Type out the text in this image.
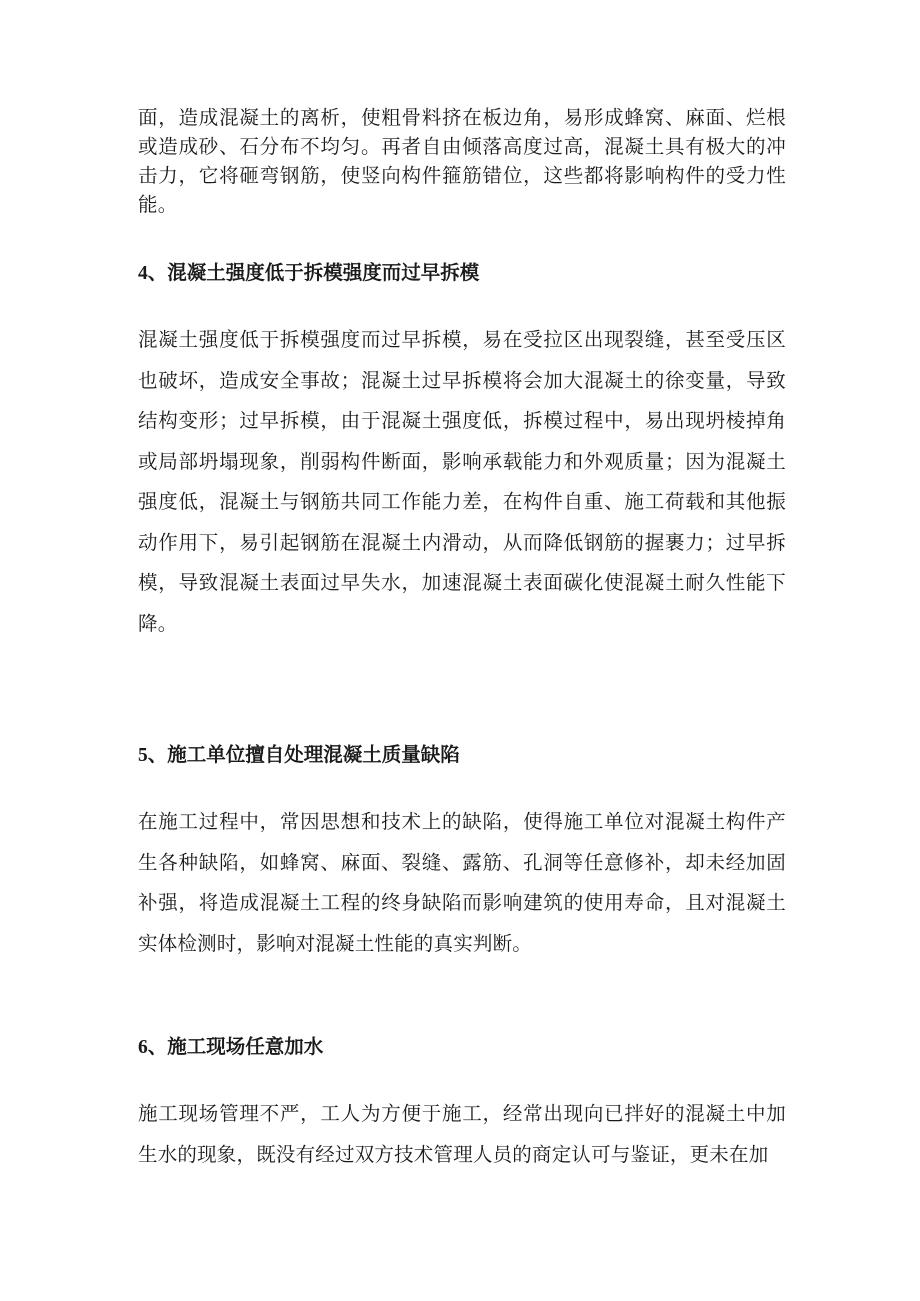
面，造成混凝土的离析，使粗骨料挤在板边角，易形成蜂窝、麻面、烂根或造成砂、石分布不均匀。再者自由倾落高度过高，混凝土具有极大的冲击力，它将砸弯钢筋，使竖向构件箍筋错位，这些都将影响构件的受力性能。

4、混凝土强度低于拆模强度而过早拆模

混凝土强度低于拆模强度而过早拆模，易在受拉区出现裂缝，甚至受压区也破坏，造成安全事故；混凝土过早拆模将会加大混凝土的徐变量，导致结构变形；过早拆模，由于混凝土强度低，拆模过程中，易出现坍棱掉角或局部坍塌现象，削弱构件断面，影响承载能力和外观质量；因为混凝土强度低，混凝土与钢筋共同工作能力差，在构件自重、施工荷载和其他振动作用下，易引起钢筋在混凝土内滑动，从而降低钢筋的握裹力；过早拆模，导致混凝土表面过早失水，加速混凝土表面碳化使混凝土耐久性能下降。

5、施工单位擅自处理混凝土质量缺陷

在施工过程中，常因思想和技术上的缺陷，使得施工单位对混凝土构件产生各种缺陷，如蜂窝、麻面、裂缝、露筋、孔洞等任意修补，却未经加固补强，将造成混凝土工程的终身缺陷而影响建筑的使用寿命，且对混凝土实体检测时，影响对混凝土性能的真实判断。

6、施工现场任意加水

施工现场管理不严，工人为方便于施工，经常出现向已拌好的混凝土中加生水的现象，既没有经过双方技术管理人员的商定认可与鉴证，更未在加
